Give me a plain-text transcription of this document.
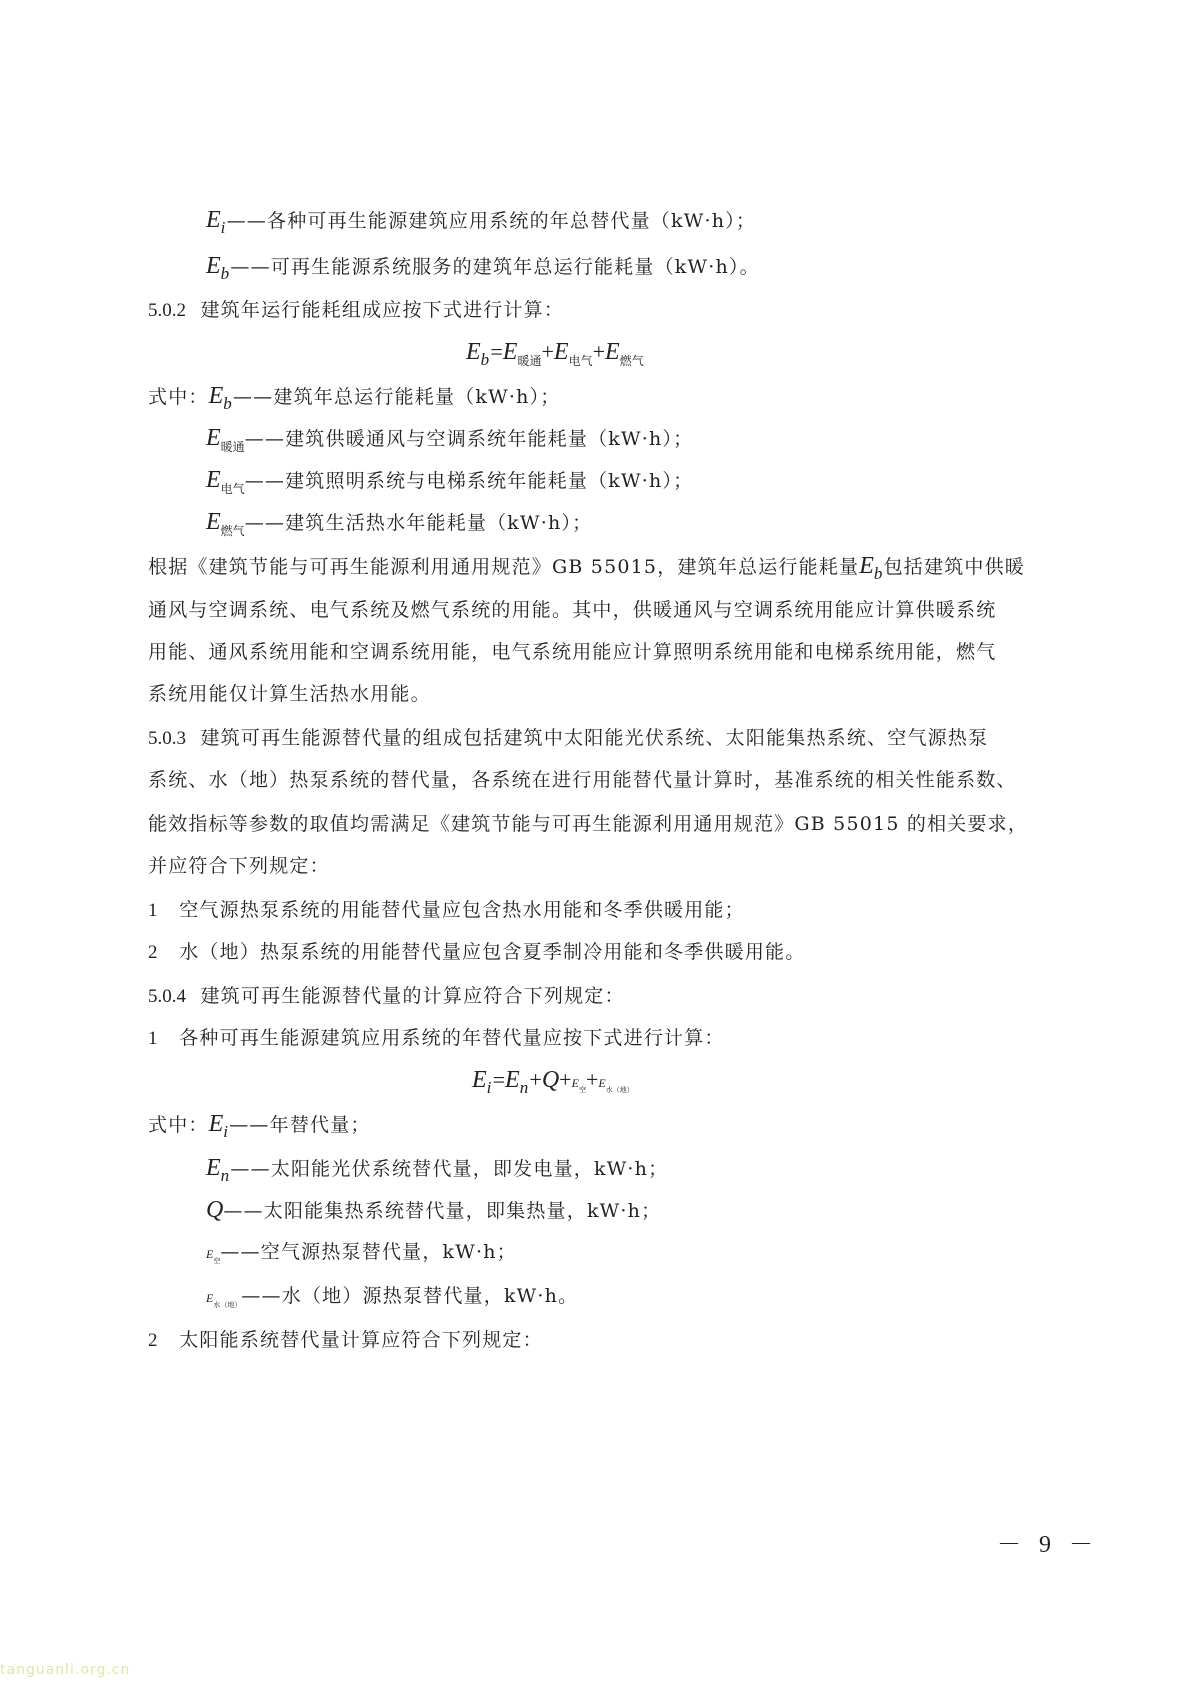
Ei——各种可再生能源建筑应用系统的年总替代量（kW·h）；
Eb——可再生能源系统服务的建筑年总运行能耗量（kW·h）。
5.0.2 建筑年运行能耗组成应按下式进行计算：
$Eb=E_{暖通}+E_{电气}+E_{燃气}$
式中：Eb——建筑年总运行能耗量（kW·h）；
$E_{暖通}——$建筑供暖通风与空调系统年能耗量（kW·h）；
$E_{电气}——$建筑照明系统与电梯系统年能耗量（kW·h）；
$E_{燃气}——$建筑生活热水年能耗量（kW·h）；
根据《建筑节能与可再生能源利用通用规范》GB 55015，建筑年总运行能耗量Eb包括建筑中供暖
通风与空调系统、电气系统及燃气系统的用能。其中，供暖通风与空调系统用能应计算供暖系统
用能、通风系统用能和空调系统用能，电气系统用能应计算照明系统用能和电梯系统用能，燃气
系统用能仅计算生活热水用能。
5.0.3 建筑可再生能源替代量的组成包括建筑中太阳能光伏系统、太阳能集热系统、空气源热泵
系统、水（地）热泵系统的替代量，各系统在进行用能替代量计算时，基准系统的相关性能系数、
能效指标等参数的取值均需满足《建筑节能与可再生能源利用通用规范》GB 55015 的相关要求，
并应符合下列规定：
1 空气源热泵系统的用能替代量应包含热水用能和冬季供暖用能；
2 水（地）热泵系统的用能替代量应包含夏季制冷用能和冬季供暖用能。
5.0.4 建筑可再生能源替代量的计算应符合下列规定：
1 各种可再生能源建筑应用系统的年替代量应按下式进行计算：
$Ei=En+Q+E_空+E_{水(地)}$
式中：Ei——年替代量；
En——太阳能光伏系统替代量，即发电量，kW·h；
Q——太阳能集热系统替代量，即集热量，kW·h；
$E_空——$空气源热泵替代量，kW·h；
$E_{水(地)}——$水（地）源热泵替代量，kW·h。
2 太阳能系统替代量计算应符合下列规定：
－ 9 －
tanguanli.org.cn
